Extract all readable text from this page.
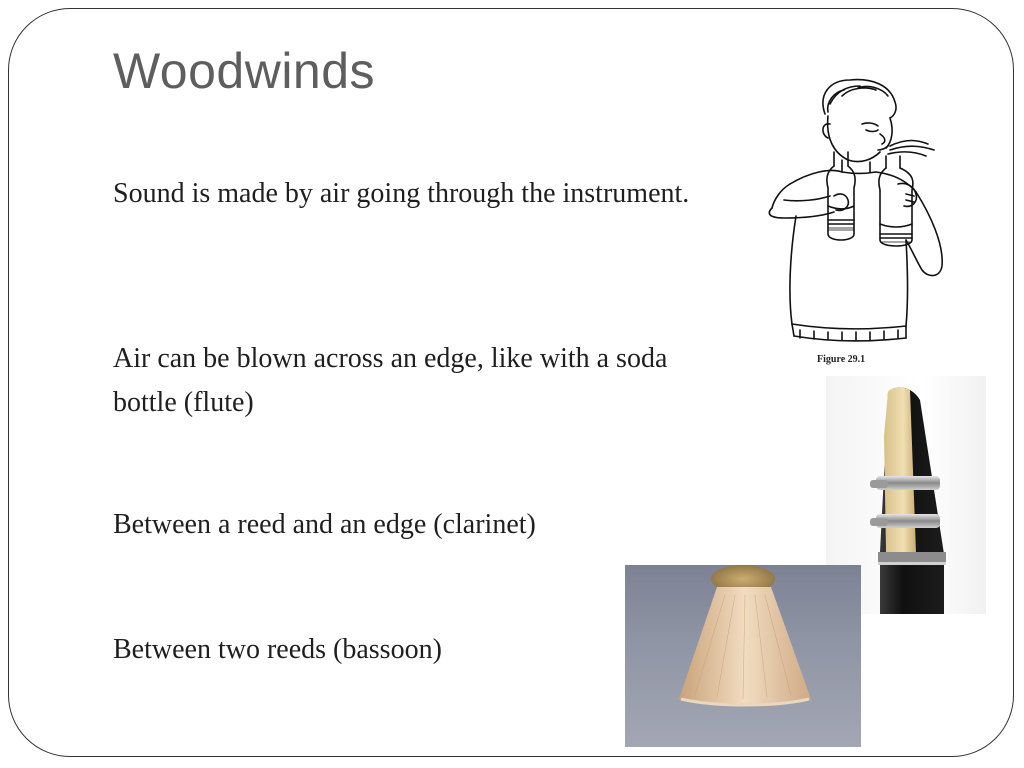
Woodwinds

Sound is made by air going through the instrument.

Air can be blown across an edge, like with a soda bottle (flute)

Between a reed and an edge (clarinet)

Between two reeds (bassoon)

Figure 29.1
